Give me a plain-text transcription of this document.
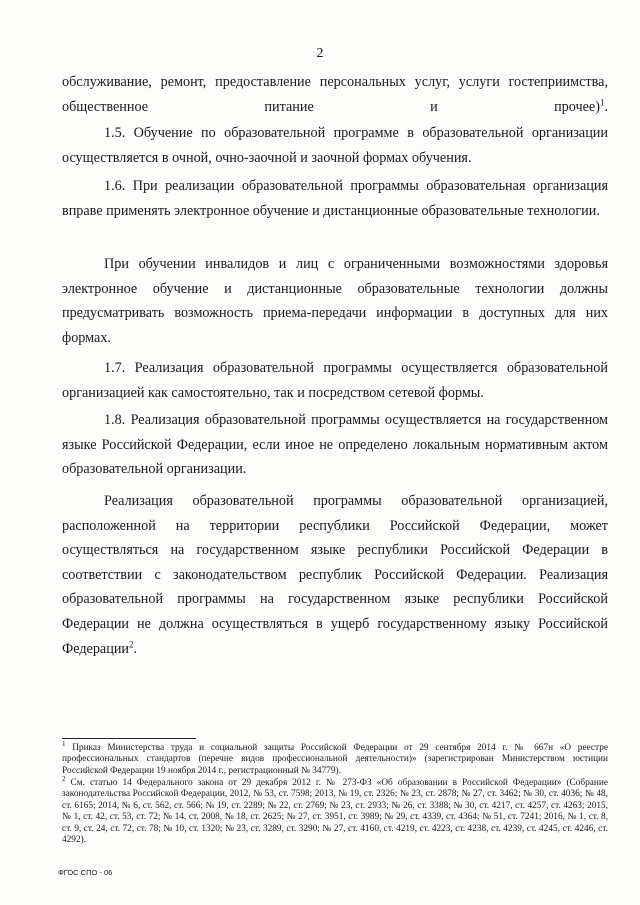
2

обслуживание, ремонт, предоставление персональных услуг, услуги гостеприимства, общественное питание и прочее)$^1$.

1.5. Обучение по образовательной программе в образовательной организации осуществляется в очной, очно-заочной и заочной формах обучения.

1.6. При реализации образовательной программы образовательная организация вправе применять электронное обучение и дистанционные образовательные технологии.

При обучении инвалидов и лиц с ограниченными возможностями здоровья электронное обучение и дистанционные образовательные технологии должны предусматривать возможность приема-передачи информации в доступных для них формах.

1.7. Реализация образовательной программы осуществляется образовательной организацией как самостоятельно, так и посредством сетевой формы.

1.8. Реализация образовательной программы осуществляется на государственном языке Российской Федерации, если иное не определено локальным нормативным актом образовательной организации.

Реализация образовательной программы образовательной организацией, расположенной на территории республики Российской Федерации, может осуществляться на государственном языке республики Российской Федерации в соответствии с законодательством республик Российской Федерации. Реализация образовательной программы на государственном языке республики Российской Федерации не должна осуществляться в ущерб государственному языку Российской Федерации$^2$.

$^1$ Приказ Министерства труда и социальной защиты Российской Федерации от 29 сентября 2014 г. № 667н «О реестре профессиональных стандартов (перечне видов профессиональной деятельности)» (зарегистрирован Министерством юстиции Российской Федерации 19 ноября 2014 г., регистрационный № 34779).

$^2$ См. статью 14 Федерального закона от 29 декабря 2012 г. № 273-ФЗ «Об образовании в Российской Федерации» (Собрание законодательства Российской Федерации, 2012, № 53, ст. 7598; 2013, № 19, ст. 2326; № 23, ст. 2878; № 27, ст. 3462; № 30, ст. 4036; № 48, ст. 6165; 2014, № 6, ст. 562, ст. 566; № 19, ст. 2289; № 22, ст. 2769; № 23, ст. 2933; № 26, ст. 3388; № 30, ст. 4217, ст. 4257, ст. 4263; 2015, № 1, ст. 42, ст. 53, ст. 72; № 14, ст. 2008, № 18, ст. 2625; № 27, ст. 3951, ст. 3989; № 29, ст. 4339, ст. 4364; № 51, ст. 7241; 2016, № 1, ст. 8, ст. 9, ст. 24, ст. 72, ст. 78; № 10, ст. 1320; № 23, ст. 3289, ст. 3290; № 27, ст. 4160, ст. 4219, ст. 4223, ст. 4238, ст. 4239, ст. 4245, ст. 4246, ст. 4292).

ФГОС СПО - 06
